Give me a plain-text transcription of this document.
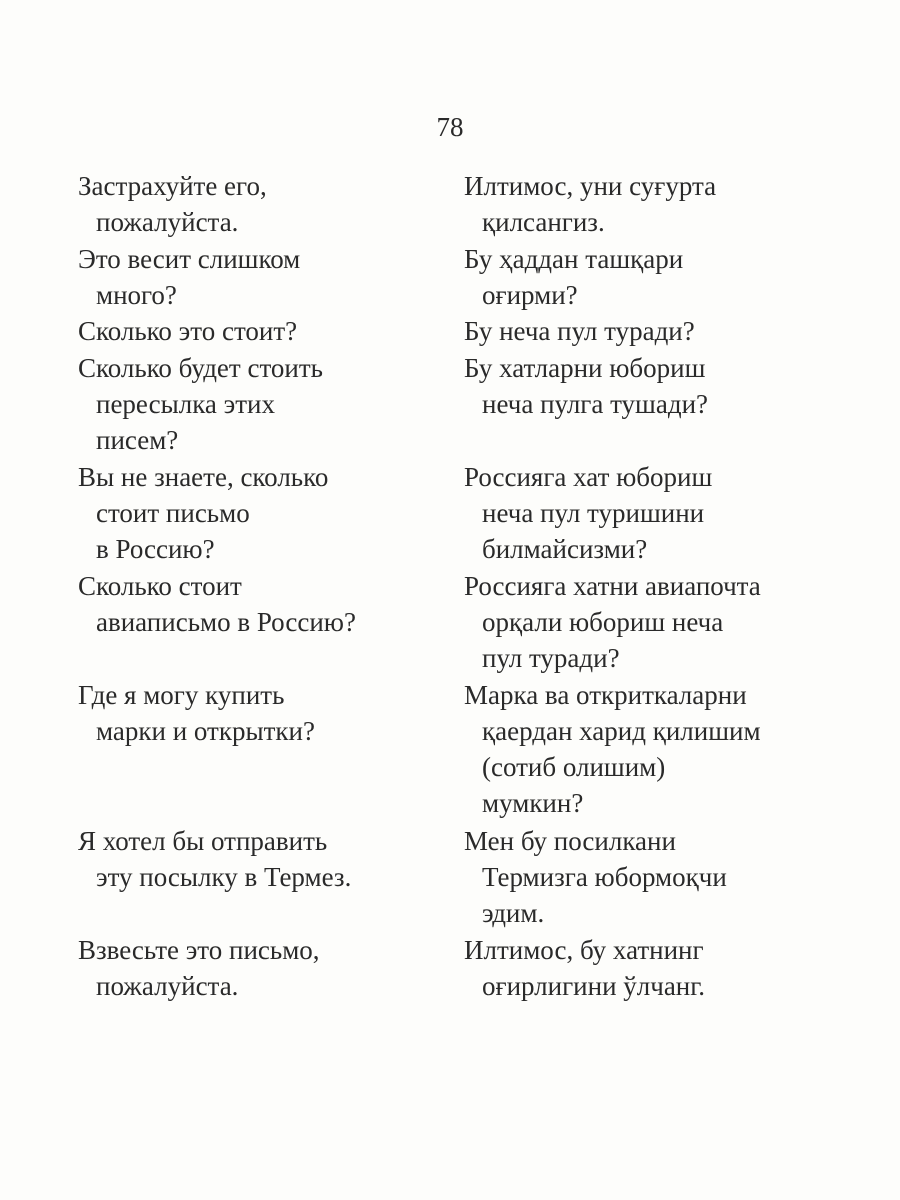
78
Застрахуйте его,
пожалуйста.
Илтимос, уни суғурта
қилсангиз.
Это весит слишком
много?
Бу ҳаддан ташқари
оғирми?
Сколько это стоит?	Бу неча пул туради?
Сколько будет стоить
пересылка этих
писем?
Бу хатларни юбориш
неча пулга тушади?
Вы не знаете, сколько
стоит письмо
в Россию?
Россияга хат юбориш
неча пул туришини
билмайсизми?
Сколько стоит
авиаписьмо в Россию?
Россияга хатни авиапочта
орқали юбориш неча
пул туради?
Где я могу купить
марки и открытки?
Марка ва откриткаларни
қаердан харид қилишим
(сотиб олишим)
мумкин?
Я хотел бы отправить
эту посылку в Термез.
Мен бу посилкани
Термизга юбормоқчи
эдим.
Взвесьте это письмо,
пожалуйста.
Илтимос, бу хатнинг
оғирлигини ўлчанг.
